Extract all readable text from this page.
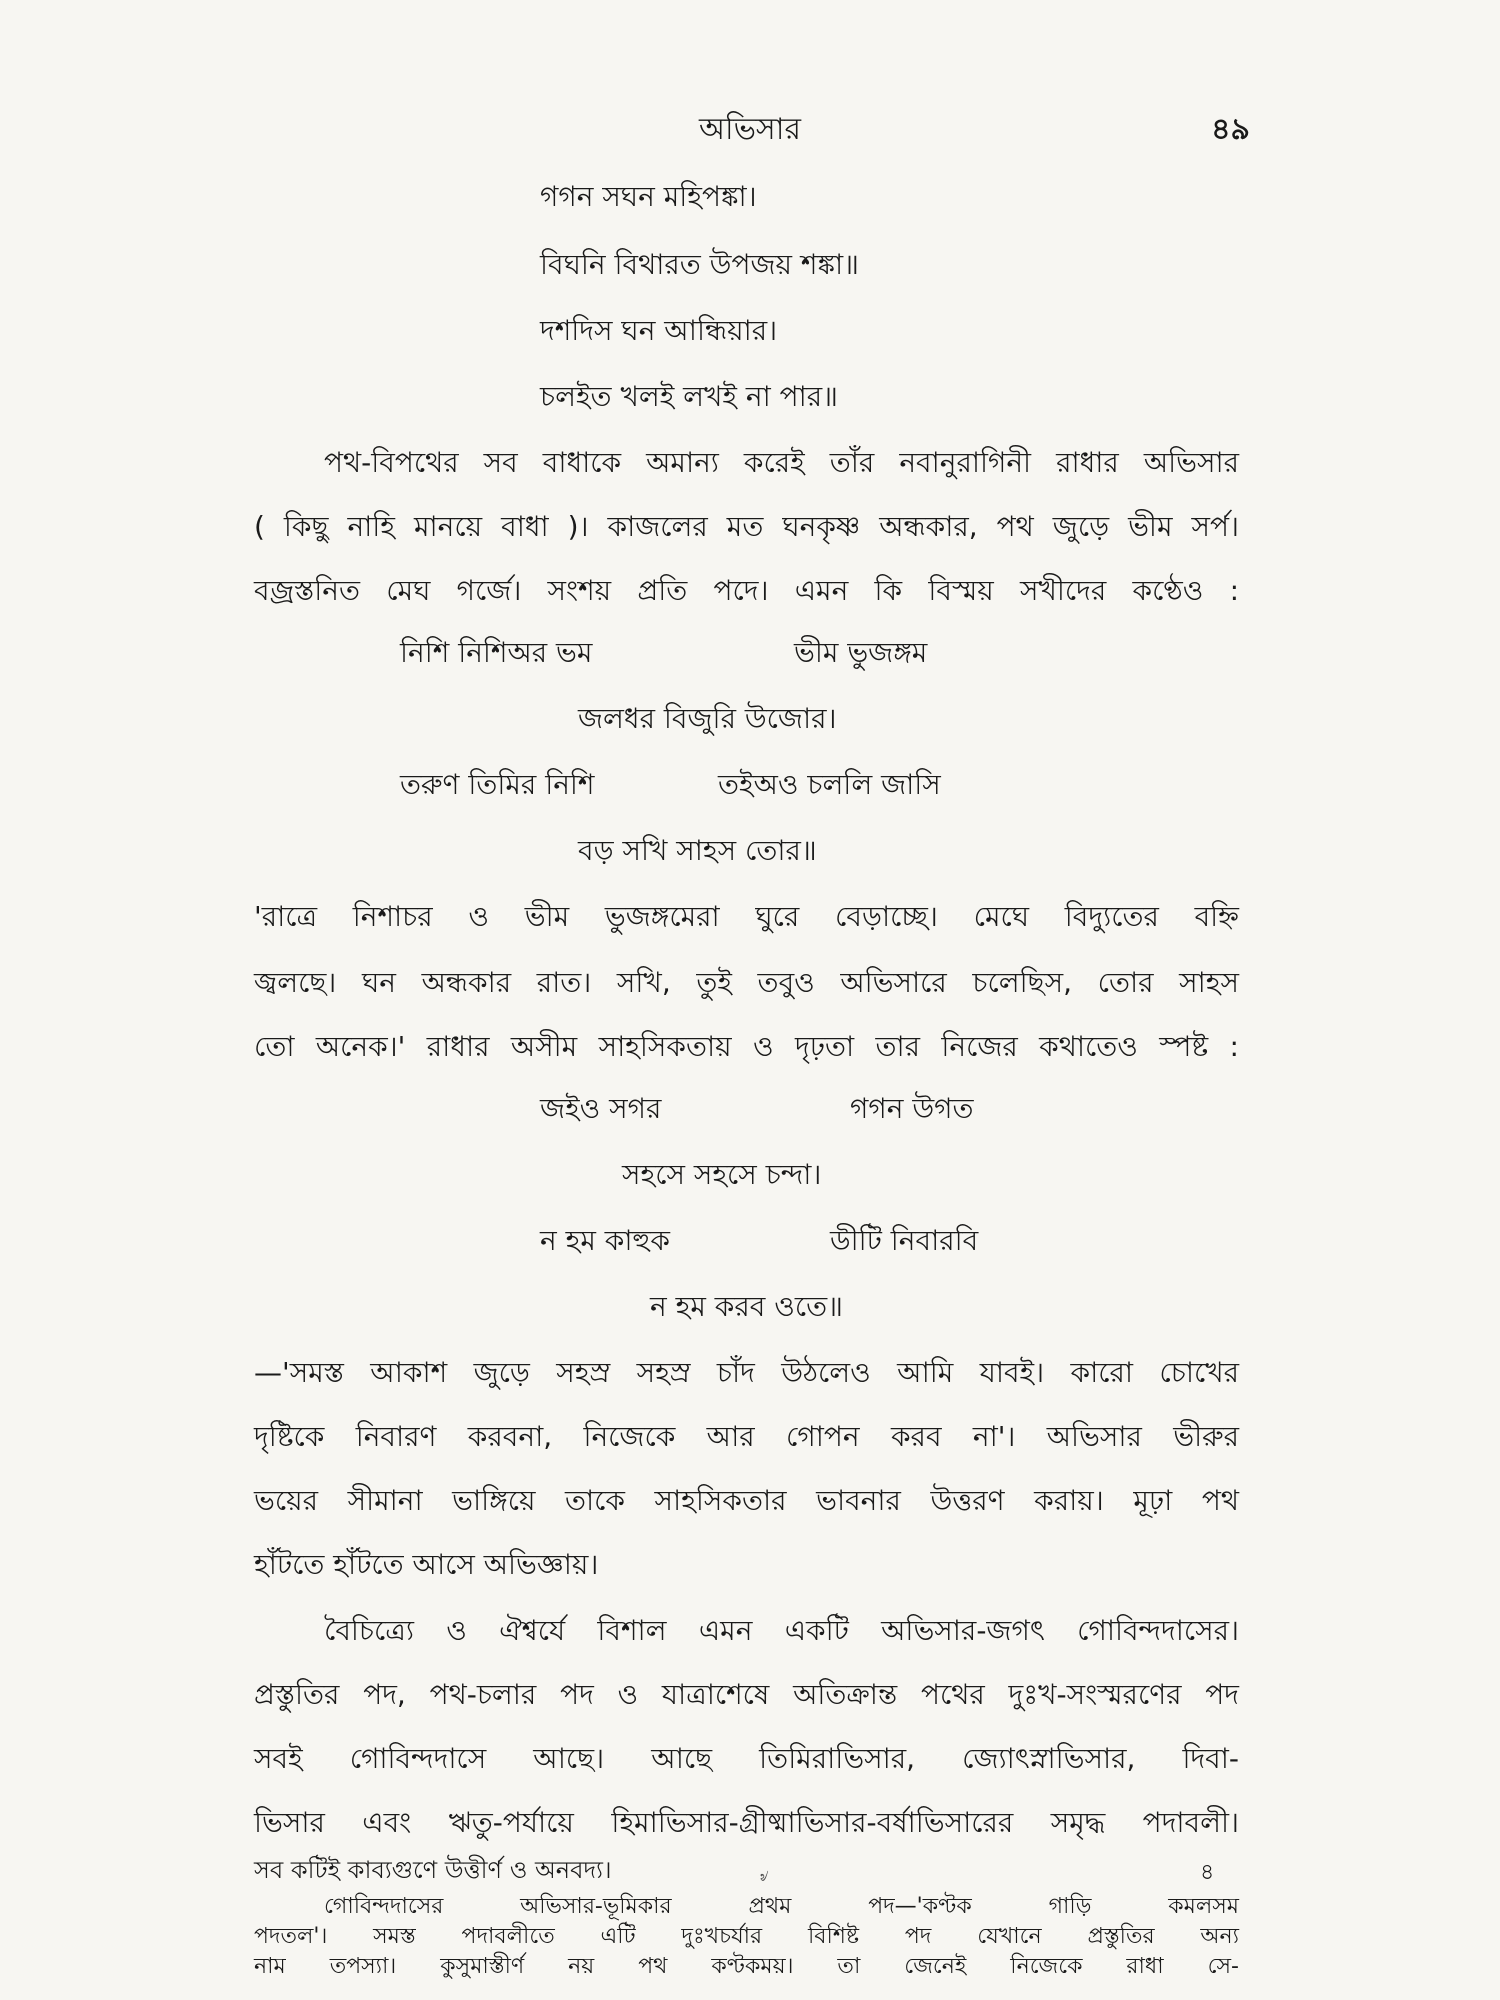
অভিসার	৪৯
গগন সঘন মহিপঙ্কা।
বিঘনি বিথারত উপজয় শঙ্কা॥
দশদিস ঘন আন্ধিয়ার।
চলইত খলই লখই না পার॥
পথ-বিপথের সব বাধাকে অমান্য করেই তাঁর নবানুরাগিনী রাধার অভিসার
( কিছু নাহি মানয়ে বাধা )। কাজলের মত ঘনকৃষ্ণ অন্ধকার, পথ জুড়ে ভীম সর্প।
বজ্রস্তনিত মেঘ গর্জে। সংশয় প্রতি পদে। এমন কি বিস্ময় সখীদের কণ্ঠেও :
নিশি নিশিঅর ভম	ভীম ভুজঙ্গম
জলধর বিজুরি উজোর।
তরুণ তিমির নিশি	তইঅও চললি জাসি
বড় সখি সাহস তোর॥
'রাত্রে নিশাচর ও ভীম ভুজঙ্গমেরা ঘুরে বেড়াচ্ছে। মেঘে বিদ্যুতের বহ্নি
জ্বলছে। ঘন অন্ধকার রাত। সখি, তুই তবুও অভিসারে চলেছিস, তোর সাহস
তো অনেক।' রাধার অসীম সাহসিকতায় ও দৃঢ়তা তার নিজের কথাতেও স্পষ্ট :
জইও সগর	গগন উগত
সহসে সহসে চন্দা।
ন হম কাহুক	ডীটি নিবারবি
ন হম করব ওতে॥
—'সমস্ত আকাশ জুড়ে সহস্র সহস্র চাঁদ উঠলেও আমি যাবই। কারো চোখের
দৃষ্টিকে নিবারণ করবনা, নিজেকে আর গোপন করব না'। অভিসার ভীরুর
ভয়ের সীমানা ভাঙ্গিয়ে তাকে সাহসিকতার ভাবনার উত্তরণ করায়। মূঢ়া পথ
হাঁটতে হাঁটতে আসে অভিজ্ঞায়।
বৈচিত্র্যে ও ঐশ্বর্যে বিশাল এমন একটি অভিসার-জগৎ গোবিন্দদাসের।
প্রস্তুতির পদ, পথ-চলার পদ ও যাত্রাশেষে অতিক্রান্ত পথের দুঃখ-সংস্মরণের পদ
সবই গোবিন্দদাসে আছে। আছে তিমিরাভিসার, জ্যোৎস্নাভিসার, দিবা-
ভিসার এবং ঋতু-পর্যায়ে হিমাভিসার-গ্রীষ্মাভিসার-বর্ষাভিসারের সমৃদ্ধ পদাবলী।
সব কটিই কাব্যগুণে উত্তীর্ণ ও অনবদ্য।
গোবিন্দদাসের অভিসার-ভূমিকার প্রথম পদ—'কণ্টক গাড়ি কমলসম
পদতল'। সমস্ত পদাবলীতে এটি দুঃখচর্যার বিশিষ্ট পদ যেখানে প্রস্তুতির অন্য
নাম তপস্যা। কুসুমাস্তীর্ণ নয় পথ কণ্টকময়। তা জেনেই নিজেকে রাধা সে-
৪
৶
